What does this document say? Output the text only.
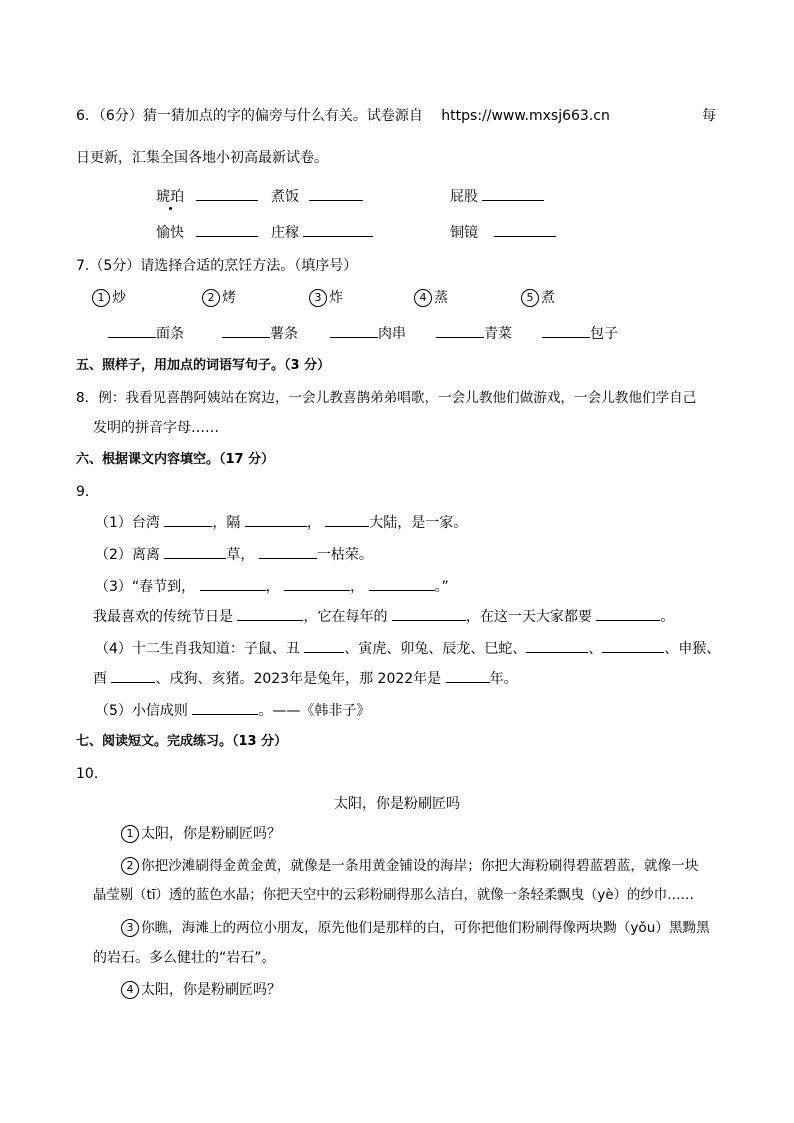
6．（6分）猜一猜加点的字的偏旁与什么有关。试卷源自 https://www.mxsj663.cn	每
日更新，汇集全国各地小初高最新试卷。
琥珀	煮饭	屁股
愉快	庄稼	铜镜
7.（5分）请选择合适的烹饪方法。（填序号）
1 炒	2 烤	3 炸	4 蒸	5 煮
面条	薯条	肉串	青菜	包子
五、照样子，用加点的词语写句子。（3 分）
8．例：我看见喜鹊阿姨站在窝边，一会儿教喜鹊弟弟唱歌，一会儿教他们做游戏，一会儿教他们学自己
发明的拼音字母……
六、根据课文内容填空。（17 分）
9．
（1）台湾	，隔	，	大陆，是一家。
（2）离离	草，	一枯荣。
（3）“春节到，	，	，	。”
我最喜欢的传统节日是	，它在每年的	，在这一天大家都要	。
（4）十二生肖我知道：子鼠、丑	、寅虎、卯兔、辰龙、巳蛇、	、	、申猴、
酉	、戌狗、亥猪。2023年是兔年，那 2022年是	年。
（5）小信成则	。——《韩非子》
七、阅读短文。完成练习。（13 分）
10．
太阳，你是粉刷匠吗
1 太阳，你是粉刷匠吗？
2 你把沙滩刷得金黄金黄，就像是一条用黄金铺设的海岸；你把大海粉刷得碧蓝碧蓝，就像一块
晶莹剔（tī）透的蓝色水晶；你把天空中的云彩粉刷得那么洁白，就像一条轻柔飘曳（yè）的纱巾……
3 你瞧，海滩上的两位小朋友，原先他们是那样的白，可你把他们粉刷得像两块黝（yǒu）黑黝黑
的岩石。多么健壮的“岩石”。
4 太阳，你是粉刷匠吗？
